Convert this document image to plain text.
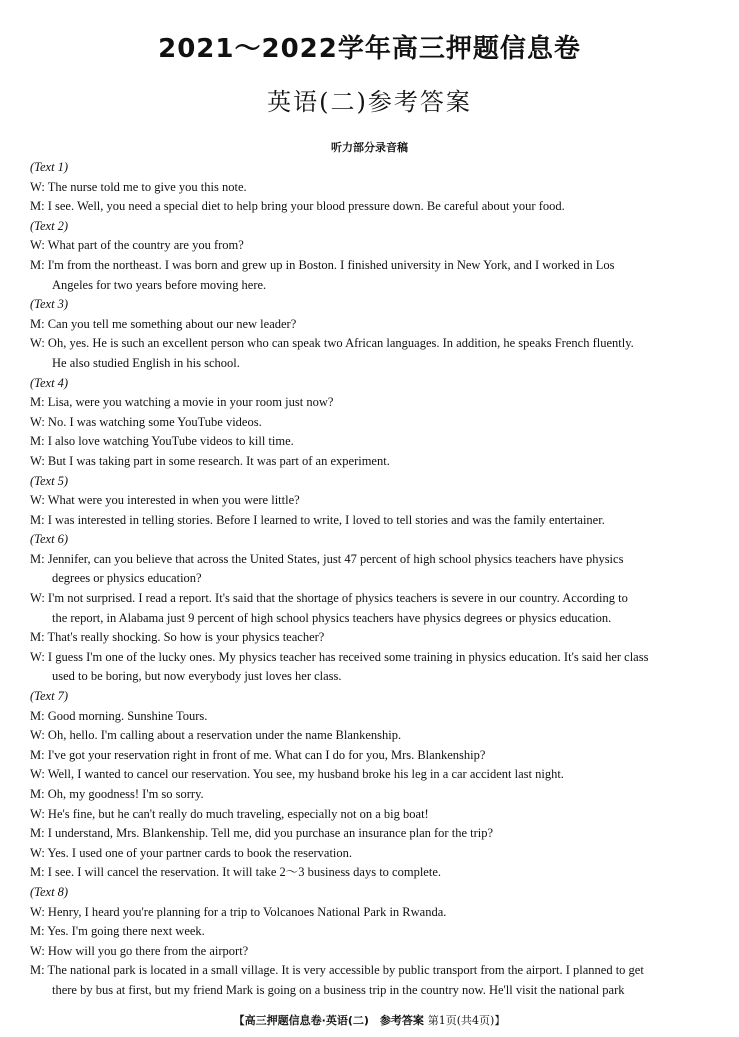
2021～2022学年高三押题信息卷
英语(二)参考答案
听力部分录音稿
(Text 1)
W: The nurse told me to give you this note.
M: I see. Well, you need a special diet to help bring your blood pressure down. Be careful about your food.
(Text 2)
W: What part of the country are you from?
M: I'm from the northeast. I was born and grew up in Boston. I finished university in New York, and I worked in Los
Angeles for two years before moving here.
(Text 3)
M: Can you tell me something about our new leader?
W: Oh, yes. He is such an excellent person who can speak two African languages. In addition, he speaks French fluently.
He also studied English in his school.
(Text 4)
M: Lisa, were you watching a movie in your room just now?
W: No. I was watching some YouTube videos.
M: I also love watching YouTube videos to kill time.
W: But I was taking part in some research. It was part of an experiment.
(Text 5)
W: What were you interested in when you were little?
M: I was interested in telling stories. Before I learned to write, I loved to tell stories and was the family entertainer.
(Text 6)
M: Jennifer, can you believe that across the United States, just 47 percent of high school physics teachers have physics
degrees or physics education?
W: I'm not surprised. I read a report. It's said that the shortage of physics teachers is severe in our country. According to
the report, in Alabama just 9 percent of high school physics teachers have physics degrees or physics education.
M: That's really shocking. So how is your physics teacher?
W: I guess I'm one of the lucky ones. My physics teacher has received some training in physics education. It's said her class
used to be boring, but now everybody just loves her class.
(Text 7)
M: Good morning. Sunshine Tours.
W: Oh, hello. I'm calling about a reservation under the name Blankenship.
M: I've got your reservation right in front of me. What can I do for you, Mrs. Blankenship?
W: Well, I wanted to cancel our reservation. You see, my husband broke his leg in a car accident last night.
M: Oh, my goodness! I'm so sorry.
W: He's fine, but he can't really do much traveling, especially not on a big boat!
M: I understand, Mrs. Blankenship. Tell me, did you purchase an insurance plan for the trip?
W: Yes. I used one of your partner cards to book the reservation.
M: I see. I will cancel the reservation. It will take 2～3 business days to complete.
(Text 8)
W: Henry, I heard you're planning for a trip to Volcanoes National Park in Rwanda.
M: Yes. I'm going there next week.
W: How will you go there from the airport?
M: The national park is located in a small village. It is very accessible by public transport from the airport. I planned to get
there by bus at first, but my friend Mark is going on a business trip in the country now. He'll visit the national park
【高三押题信息卷·英语(二)　参考答案 第1页(共4页)】
